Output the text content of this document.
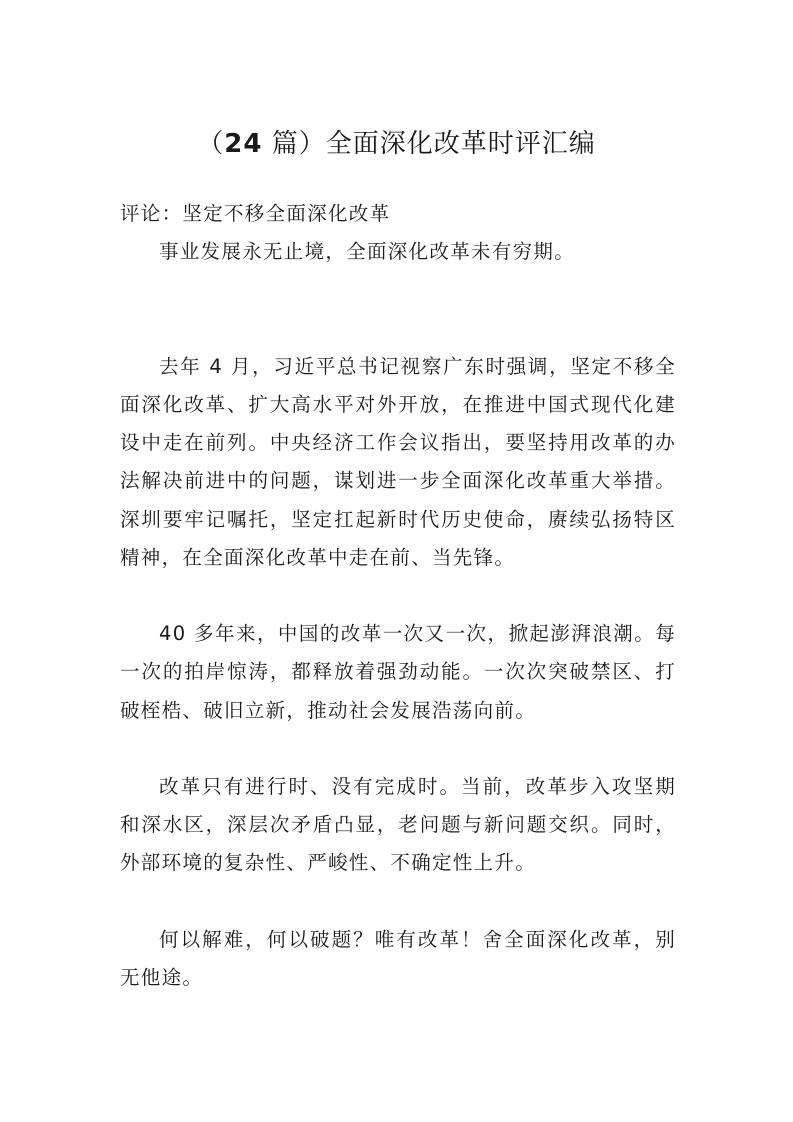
（24 篇）全面深化改革时评汇编

评论：坚定不移全面深化改革

事业发展永无止境，全面深化改革未有穷期。

去年 4 月，习近平总书记视察广东时强调，坚定不移全面深化改革、扩大高水平对外开放，在推进中国式现代化建设中走在前列。中央经济工作会议指出，要坚持用改革的办法解决前进中的问题，谋划进一步全面深化改革重大举措。深圳要牢记嘱托，坚定扛起新时代历史使命，赓续弘扬特区精神，在全面深化改革中走在前、当先锋。

40 多年来，中国的改革一次又一次，掀起澎湃浪潮。每一次的拍岸惊涛，都释放着强劲动能。一次次突破禁区、打破桎梏、破旧立新，推动社会发展浩荡向前。

改革只有进行时、没有完成时。当前，改革步入攻坚期和深水区，深层次矛盾凸显，老问题与新问题交织。同时，外部环境的复杂性、严峻性、不确定性上升。

何以解难，何以破题？唯有改革！舍全面深化改革，别无他途。
